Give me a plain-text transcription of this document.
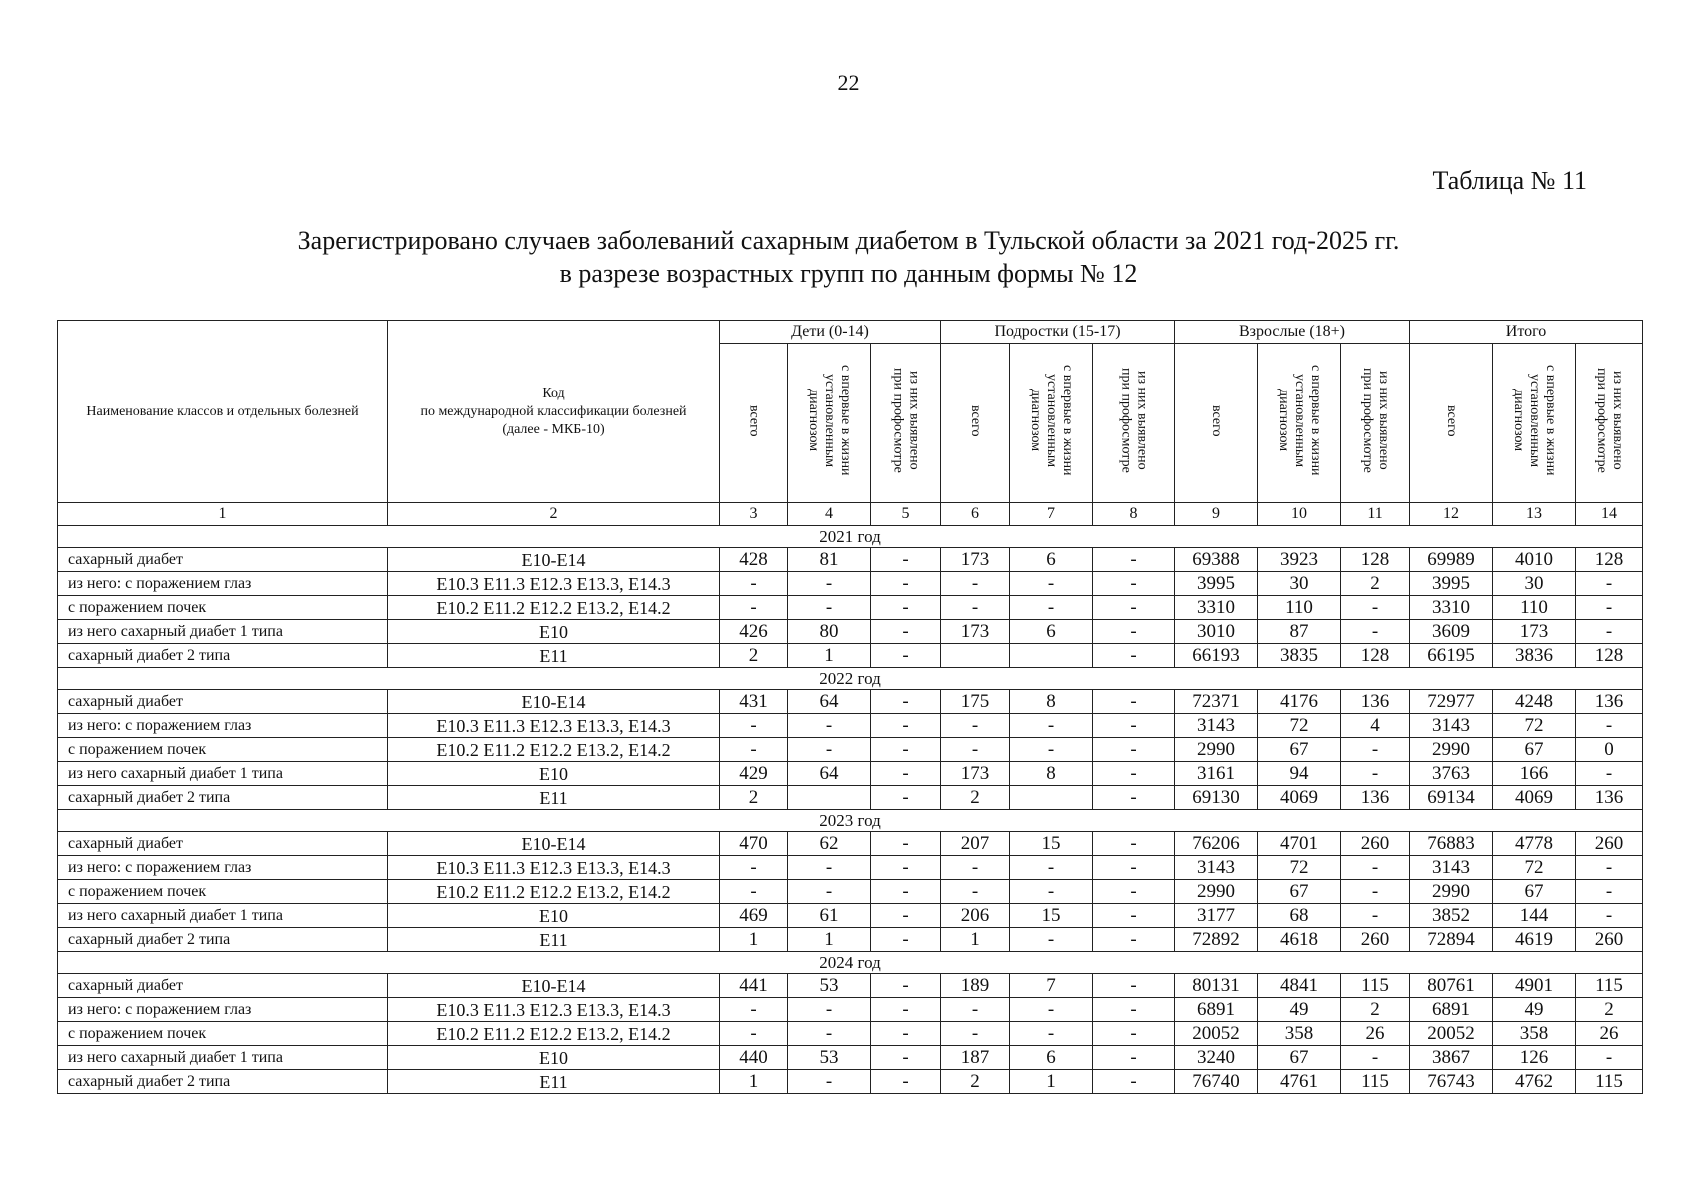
22
Таблица № 11
Зарегистрировано случаев заболеваний сахарным диабетом в Тульской области за 2021 год-2025 гг.
в разрезе возрастных групп по данным формы № 12
Наименование классов и отдельных болезней	Код
по международной классификации болезней
(далее - МКБ-10)	Дети (0-14)			Подростки (15-17)			Взрослые (18+)			Итого		
		всего	с впервые в жизни
установленным
диагнозом	из них выявлено
при профосмотре	всего	с впервые в жизни
установленным
диагнозом	из них выявлено
при профосмотре	всего	с впервые в жизни
установленным
диагнозом	из них выявлено
при профосмотре	всего	с впервые в жизни
установленным
диагнозом	из них выявлено
при профосмотре
1	2	3	4	5	6	7	8	9	10	11	12	13	14
2021 год													
сахарный диабет	Е10-Е14	428	81	-	173	6	-	69388	3923	128	69989	4010	128
из него: с поражением глаз	Е10.3 Е11.3 Е12.3 Е13.3, Е14.3	-	-	-	-	-	-	3995	30	2	3995	30	-
с поражением почек	Е10.2 Е11.2 Е12.2 Е13.2, Е14.2	-	-	-	-	-	-	3310	110	-	3310	110	-
из него сахарный диабет 1 типа	Е10	426	80	-	173	6	-	3010	87	-	3609	173	-
сахарный диабет 2 типа	Е11	2	1	-			-	66193	3835	128	66195	3836	128
2022 год													
сахарный диабет	Е10-Е14	431	64	-	175	8	-	72371	4176	136	72977	4248	136
из него: с поражением глаз	Е10.3 Е11.3 Е12.3 Е13.3, Е14.3	-	-	-	-	-	-	3143	72	4	3143	72	-
с поражением почек	Е10.2 Е11.2 Е12.2 Е13.2, Е14.2	-	-	-	-	-	-	2990	67	-	2990	67	0
из него сахарный диабет 1 типа	Е10	429	64	-	173	8	-	3161	94	-	3763	166	-
сахарный диабет 2 типа	Е11	2		-	2		-	69130	4069	136	69134	4069	136
2023 год													
сахарный диабет	Е10-Е14	470	62	-	207	15	-	76206	4701	260	76883	4778	260
из него: с поражением глаз	Е10.3 Е11.3 Е12.3 Е13.3, Е14.3	-	-	-	-	-	-	3143	72	-	3143	72	-
с поражением почек	Е10.2 Е11.2 Е12.2 Е13.2, Е14.2	-	-	-	-	-	-	2990	67	-	2990	67	-
из него сахарный диабет 1 типа	Е10	469	61	-	206	15	-	3177	68	-	3852	144	-
сахарный диабет 2 типа	Е11	1	1	-	1	-	-	72892	4618	260	72894	4619	260
2024 год													
сахарный диабет	Е10-Е14	441	53	-	189	7	-	80131	4841	115	80761	4901	115
из него: с поражением глаз	Е10.3 Е11.3 Е12.3 Е13.3, Е14.3	-	-	-	-	-	-	6891	49	2	6891	49	2
с поражением почек	Е10.2 Е11.2 Е12.2 Е13.2, Е14.2	-	-	-	-	-	-	20052	358	26	20052	358	26
из него сахарный диабет 1 типа	Е10	440	53	-	187	6	-	3240	67	-	3867	126	-
сахарный диабет 2 типа	Е11	1	-	-	2	1	-	76740	4761	115	76743	4762	115
